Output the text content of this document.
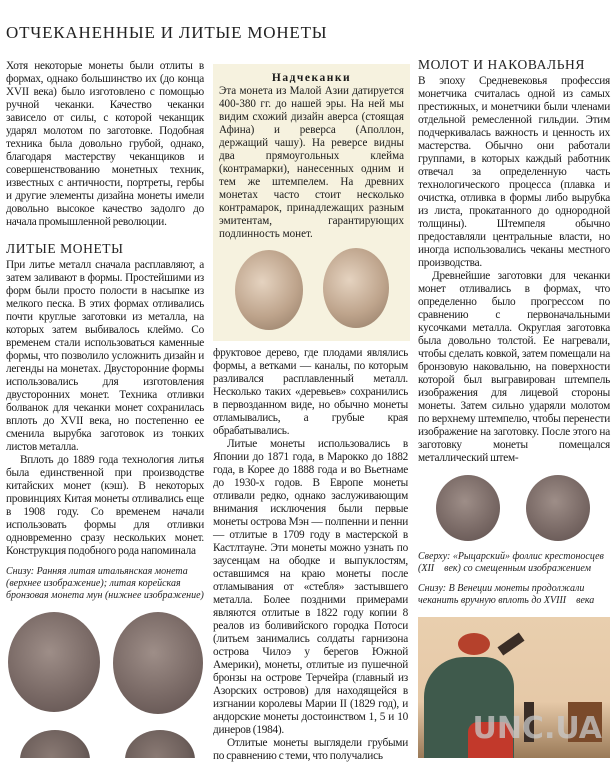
ОТЧЕКАНЕННЫЕ И ЛИТЫЕ МОНЕТЫ

Хотя некоторые монеты были отлиты в формах, однако большинство их (до конца XVII века) было изготовлено с помощью ручной чеканки. Качество чеканки зависело от силы, с которой чеканщик ударял молотом по заготовке. Подобная техника была довольно грубой, однако, благодаря мастерству чеканщиков и совершенствованию монетных техник, известных с античности, портреты, гербы и другие элементы дизайна монеты имели довольно высокое качество задолго до начала промышленной революции.

ЛИТЫЕ МОНЕТЫ

При литье металл сначала расплавляют, а затем заливают в формы. Простейшими из форм были просто полости в насыпке из мелкого песка. В этих формах отливались почти круглые заготовки из металла, на которых затем выбивалось клеймо. Со временем стали использоваться каменные формы, что позволило усложнить дизайн и легенды на монетах. Двусторонние формы использовались для изготовления двусторонних монет. Техника отливки болванок для чеканки монет сохранилась вплоть до XVII века, но постепенно ее сменила вырубка заготовок из тонких листов металла.

Вплоть до 1889 года технология литья была единственной при производстве китайских монет (кэш). В некоторых провинциях Китая монеты отливались еще в 1908 году. Со временем начали использовать формы для отливки одновременно сразу нескольких монет. Конструкция подобного рода напоминала

Снизу: Ранняя литая итальянская монета (верхнее изображение); литая корейская бронзовая монета мун (нижнее изображение)
Надчеканки

Эта монета из Малой Азии датируется 400-380 гг. до нашей эры. На ней мы видим схожий дизайн аверса (стоящая Афина) и реверса (Аполлон, держащий чашу). На реверсе видны два прямоугольных клейма (контрамарки), нанесенных одним и тем же штемпелем. На древних монетах часто стоит несколько контрамарок, принадлежащих разным эмитентам, гарантирующих подлинность монет.

фруктовое дерево, где плодами являлись формы, а ветками — каналы, по которым разливался расплавленный металл. Несколько таких «деревьев» сохранились в первозданном виде, но обычно монеты отламывались, а грубые края обрабатывались.

Литые монеты использовались в Японии до 1871 года, в Марокко до 1882 года, в Корее до 1888 года и во Вьетнаме до 1930-х годов. В Европе монеты отливали редко, однако заслуживающим внимания исключения были первые монеты острова Мэн — полпенни и пенни — отлитые в 1709 году в мастерской в Кастлтауне. Эти монеты можно узнать по заусенцам на ободке и выпуклостям, оставшимся на краю монеты после отламывания от «стебля» застывшего металла. Более поздними примерами являются отлитые в 1822 году копии 8 реалов из боливийского городка Потоси (литьем занимались солдаты гарнизона острова Чилоэ у берегов Южной Америки), монеты, отлитые из пушечной бронзы на острове Терчейра (главный из Азорских островов) для находящейся в изгнании королевы Марии II (1829 год), и андорские монеты достоинством 1, 5 и 10 динеров (1984).

Отлитые монеты выглядели грубыми по сравнению с теми, что получались

МОЛОТ И НАКОВАЛЬНЯ

В эпоху Средневековья профессия монетчика считалась одной из самых престижных, и монетчики были членами отдельной ремесленной гильдии. Этим подчеркивалась важность и ценность их мастерства. Обычно они работали группами, в которых каждый работник отвечал за определенную часть технологического процесса (плавка и очистка, отливка в формы либо вырубка из листа, прокатанного до однородной толщины). Штемпеля обычно предоставляли центральные власти, но иногда использовались чеканы местного производства.

Древнейшие заготовки для чеканки монет отливались в формах, что определенно было прогрессом по сравнению с первоначальными кусочками металла. Округлая заготовка была довольно толстой. Ее нагревали, чтобы сделать ковкой, затем помещали на бронзовую наковальню, на поверхности которой был выгравирован штемпель изображения для лицевой стороны монеты. Затем сильно ударяли молотом по верхнему штемпелю, чтобы перенести изображение на заготовку. После этого на заготовку монеты помещался металлический штем-

Сверху: «Рыцарский» фоллис крестоносцев (XII    век) со смещенным изображением
Снизу: В Венеции монеты продолжали чеканить вручную вплоть до XVIII    века
UNC.UA
